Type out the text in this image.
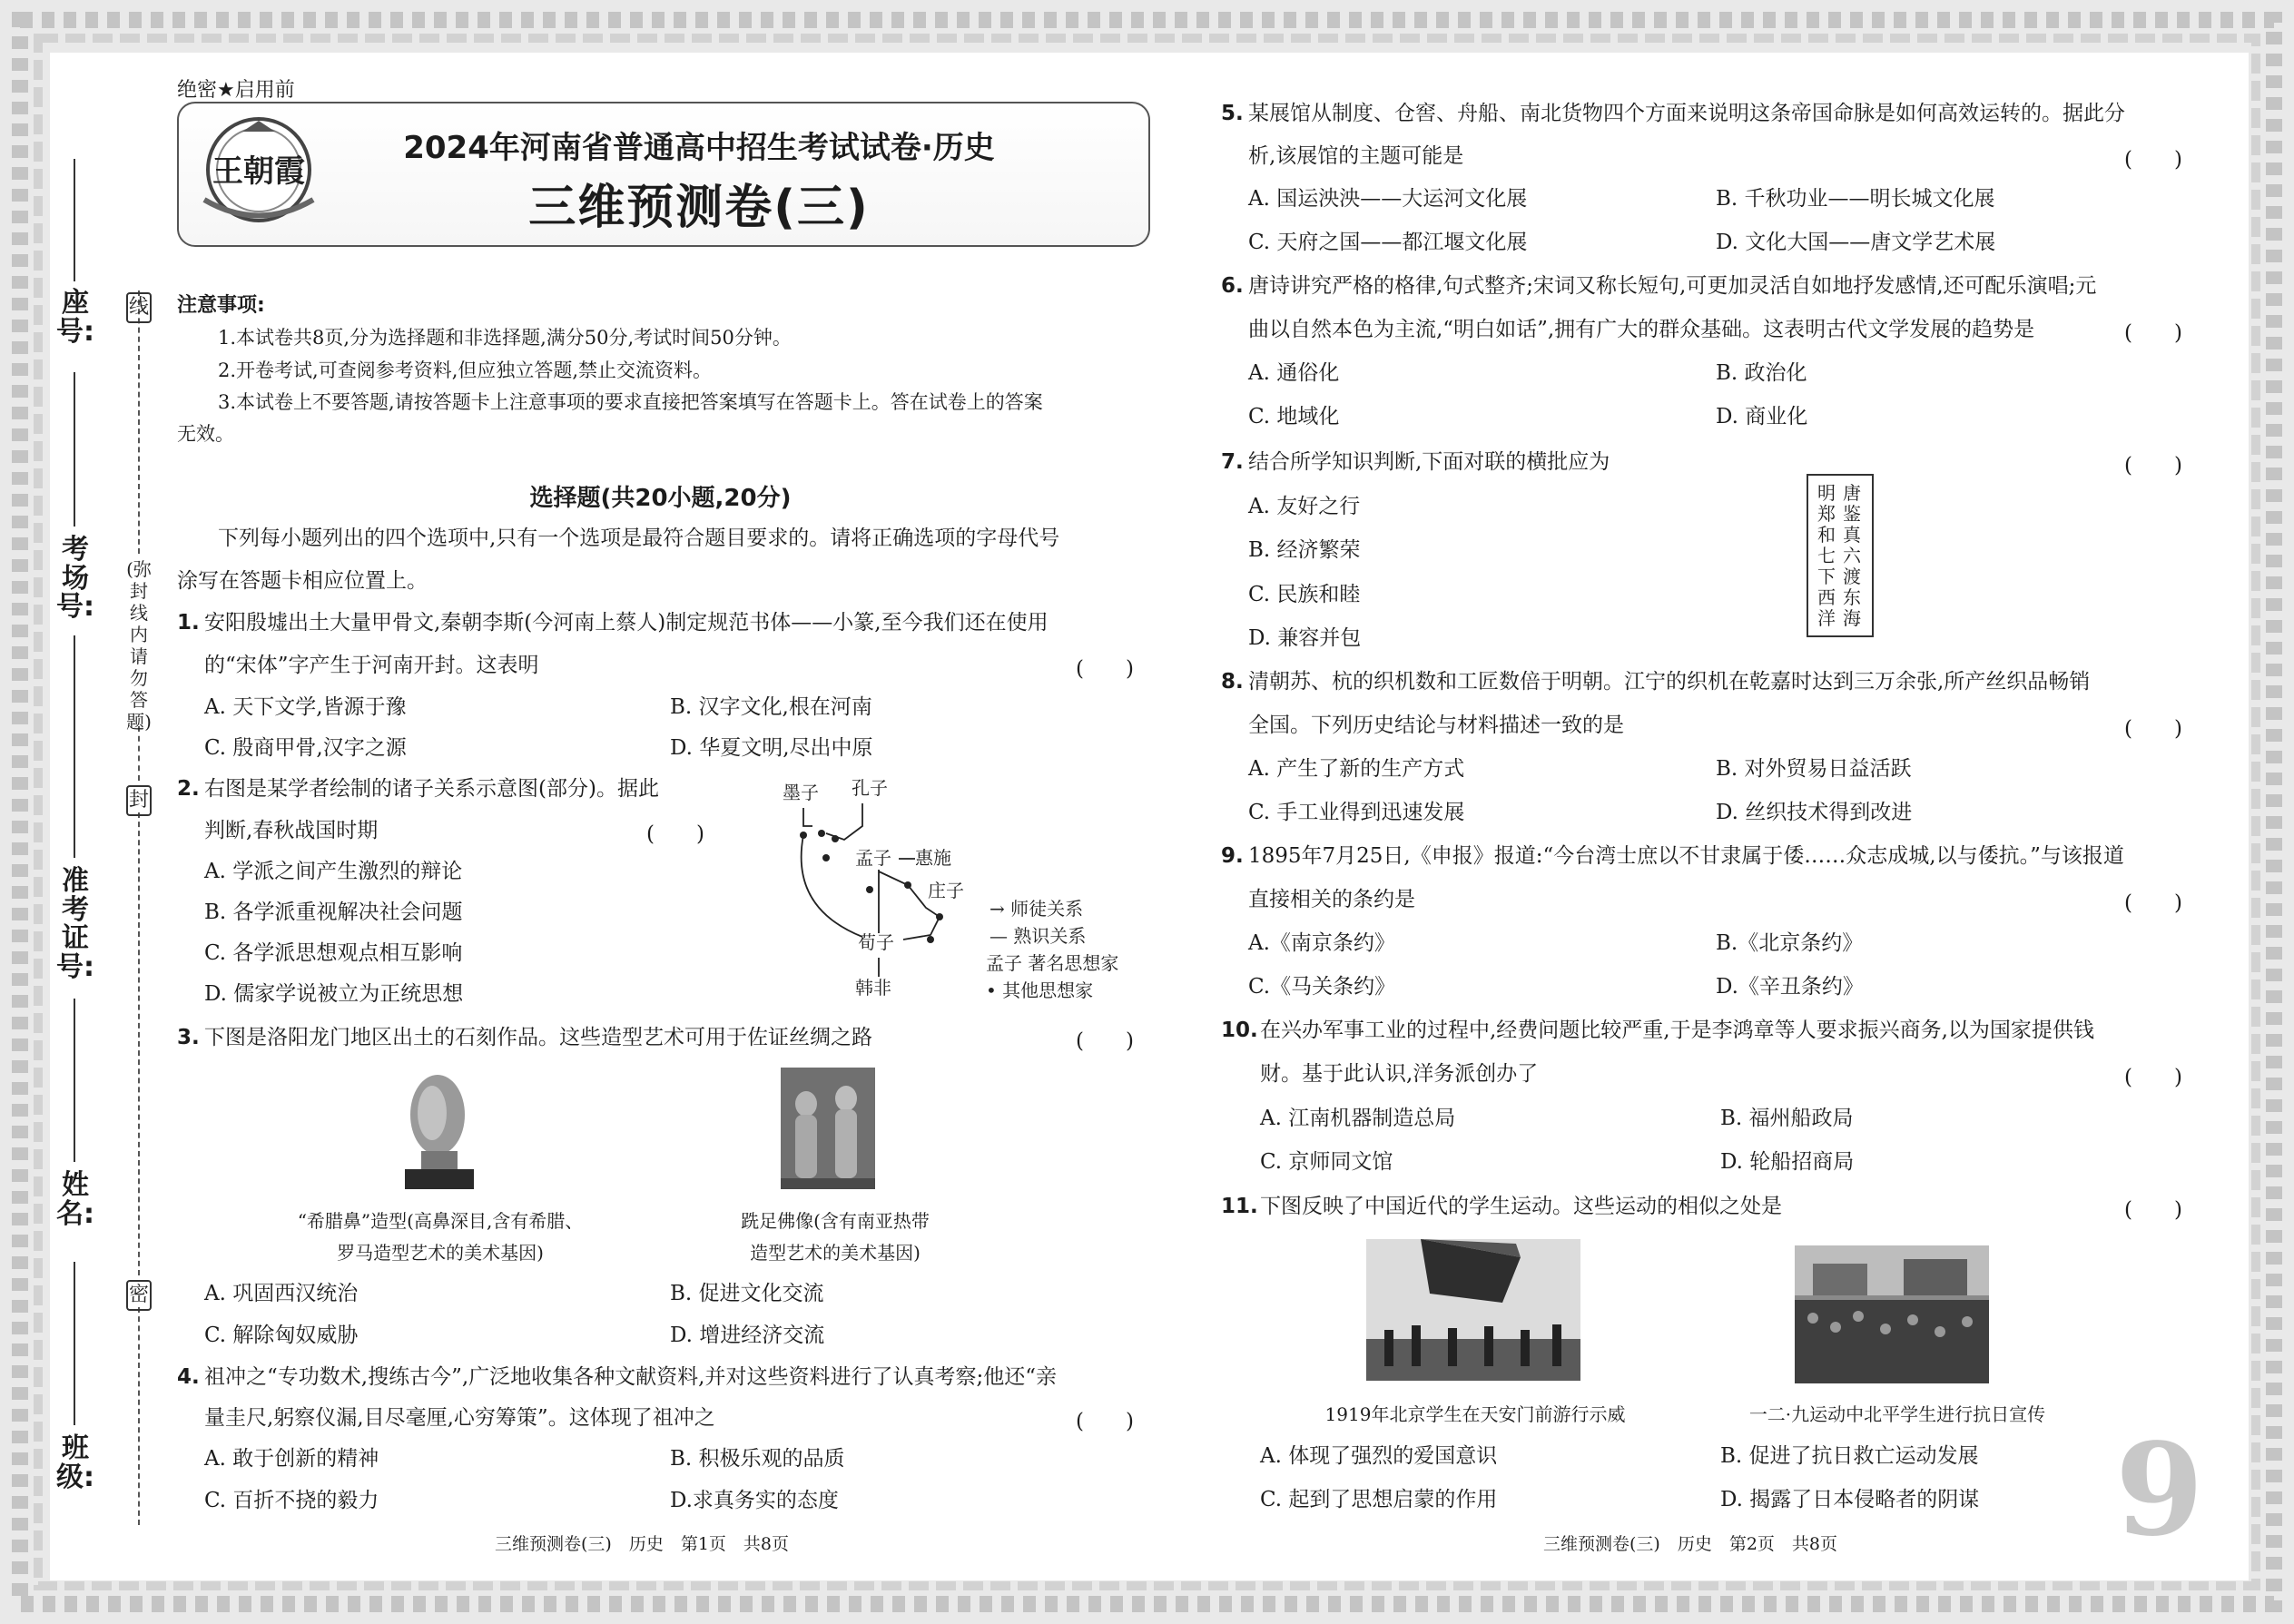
座号:
考场号:
准考证号:
姓名:
班级:
线
(弥封线内请勿答题)
封
密
绝密★启用前
王朝霞
2024年河南省普通高中招生考试试卷·历史
三维预测卷(三)
注意事项:
1.本试卷共8页,分为选择题和非选择题,满分50分,考试时间50分钟。
2.开卷考试,可查阅参考资料,但应独立答题,禁止交流资料。
3.本试卷上不要答题,请按答题卡上注意事项的要求直接把答案填写在答题卡上。答在试卷上的答案
无效。
选择题(共20小题,20分)
下列每小题列出的四个选项中,只有一个选项是最符合题目要求的。请将正确选项的字母代号
涂写在答题卡相应位置上。
1. 安阳殷墟出土大量甲骨文,秦朝李斯(今河南上蔡人)制定规范书体——小篆,至今我们还在使用
的“宋体”字产生于河南开封。这表明	(　　)
A. 天下文学,皆源于豫	B. 汉字文化,根在河南
C. 殷商甲骨,汉字之源	D. 华夏文明,尽出中原
2. 右图是某学者绘制的诸子关系示意图(部分)。据此
判断,春秋战国时期	(　　)
A. 学派之间产生激烈的辩论
B. 各学派重视解决社会问题
C. 各学派思想观点相互影响
D. 儒家学说被立为正统思想
墨子 孔子
孟子 惠施
庄子
荀子
韩非
→ 师徒关系
— 熟识关系
孟子 著名思想家
• 其他思想家
3. 下图是洛阳龙门地区出土的石刻作品。这些造型艺术可用于佐证丝绸之路	(　　)
“希腊鼻”造型(高鼻深目,含有希腊、
罗马造型艺术的美术基因)
跣足佛像(含有南亚热带
造型艺术的美术基因)
A. 巩固西汉统治	B. 促进文化交流
C. 解除匈奴威胁	D. 增进经济交流
4. 祖冲之“专功数术,搜练古今”,广泛地收集各种文献资料,并对这些资料进行了认真考察;他还“亲
量圭尺,躬察仪漏,目尽毫厘,心穷筹策”。这体现了祖冲之	(　　)
A. 敢于创新的精神	B. 积极乐观的品质
C. 百折不挠的毅力	D.求真务实的态度
三维预测卷(三)　历史　第1页　共8页
5. 某展馆从制度、仓窖、舟船、南北货物四个方面来说明这条帝国命脉是如何高效运转的。据此分
析,该展馆的主题可能是	(　　)
A. 国运泱泱——大运河文化展	B. 千秋功业——明长城文化展
C. 天府之国——都江堰文化展	D. 文化大国——唐文学艺术展
6. 唐诗讲究严格的格律,句式整齐;宋词又称长短句,可更加灵活自如地抒发感情,还可配乐演唱;元
曲以自然本色为主流,“明白如话”,拥有广大的群众基础。这表明古代文学发展的趋势是	(　　)
A. 通俗化	B. 政治化
C. 地域化	D. 商业化
7. 结合所学知识判断,下面对联的横批应为	(　　)
A. 友好之行
B. 经济繁荣
C. 民族和睦
D. 兼容并包
唐鉴真六渡东海
明郑和七下西洋
8. 清朝苏、杭的织机数和工匠数倍于明朝。江宁的织机在乾嘉时达到三万余张,所产丝织品畅销
全国。下列历史结论与材料描述一致的是	(　　)
A. 产生了新的生产方式	B. 对外贸易日益活跃
C. 手工业得到迅速发展	D. 丝织技术得到改进
9. 1895年7月25日,《申报》报道:“今台湾士庶以不甘隶属于倭……众志成城,以与倭抗。”与该报道
直接相关的条约是	(　　)
A.《南京条约》	B.《北京条约》
C.《马关条约》	D.《辛丑条约》
10. 在兴办军事工业的过程中,经费问题比较严重,于是李鸿章等人要求振兴商务,以为国家提供钱
财。基于此认识,洋务派创办了	(　　)
A. 江南机器制造总局	B. 福州船政局
C. 京师同文馆	D. 轮船招商局
11. 下图反映了中国近代的学生运动。这些运动的相似之处是	(　　)
1919年北京学生在天安门前游行示威	一二·九运动中北平学生进行抗日宣传
A. 体现了强烈的爱国意识	B. 促进了抗日救亡运动发展
C. 起到了思想启蒙的作用	D. 揭露了日本侵略者的阴谋
三维预测卷(三)　历史　第2页　共8页 9
